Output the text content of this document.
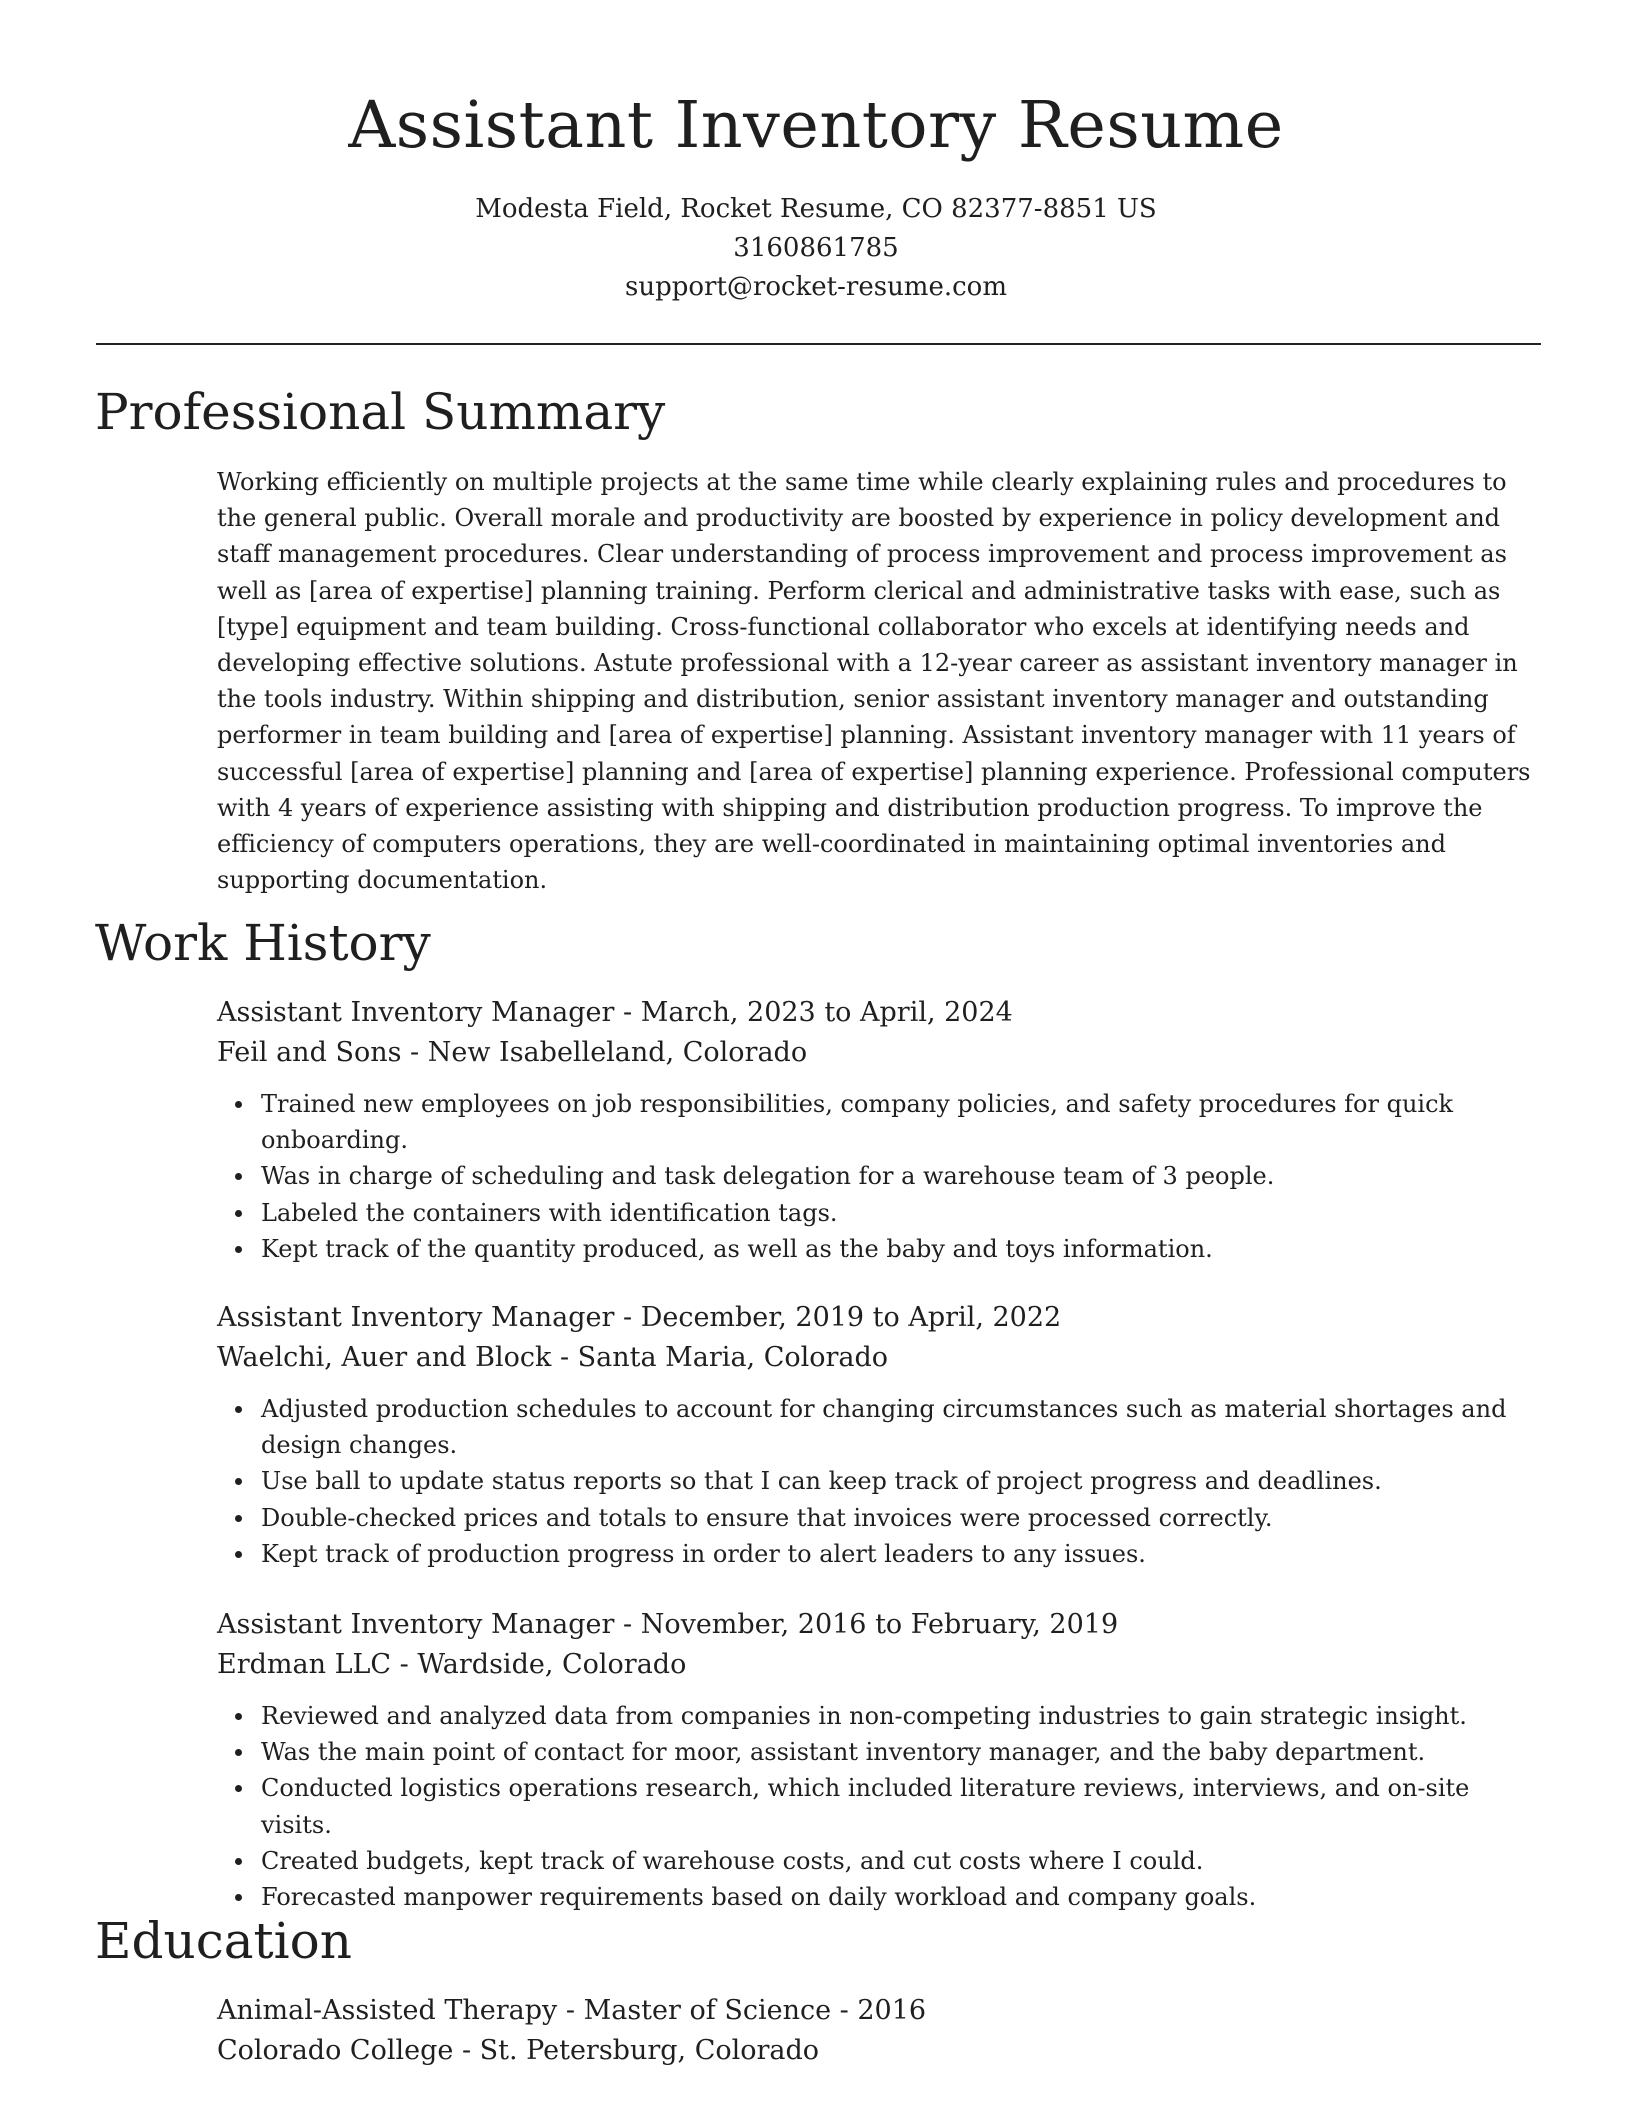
Assistant Inventory Resume
Modesta Field, Rocket Resume, CO 82377-8851 US
3160861785
support@rocket-resume.com
Professional Summary

Working efficiently on multiple projects at the same time while clearly explaining rules and procedures to the general public. Overall morale and productivity are boosted by experience in policy development and staff management procedures. Clear understanding of process improvement and process improvement as well as [area of expertise] planning training. Perform clerical and administrative tasks with ease, such as [type] equipment and team building. Cross-functional collaborator who excels at identifying needs and developing effective solutions. Astute professional with a 12-year career as assistant inventory manager in the tools industry. Within shipping and distribution, senior assistant inventory manager and outstanding performer in team building and [area of expertise] planning. Assistant inventory manager with 11 years of successful [area of expertise] planning and [area of expertise] planning experience. Professional computers with 4 years of experience assisting with shipping and distribution production progress. To improve the efficiency of computers operations, they are well-coordinated in maintaining optimal inventories and supporting documentation.

Work History
Assistant Inventory Manager - March, 2023 to April, 2024
Feil and Sons - New Isabelleland, Colorado
Trained new employees on job responsibilities, company policies, and safety procedures for quick onboarding.
Was in charge of scheduling and task delegation for a warehouse team of 3 people.
Labeled the containers with identification tags.
Kept track of the quantity produced, as well as the baby and toys information.
Assistant Inventory Manager - December, 2019 to April, 2022
Waelchi, Auer and Block - Santa Maria, Colorado
Adjusted production schedules to account for changing circumstances such as material shortages and design changes.
Use ball to update status reports so that I can keep track of project progress and deadlines.
Double-checked prices and totals to ensure that invoices were processed correctly.
Kept track of production progress in order to alert leaders to any issues.
Assistant Inventory Manager - November, 2016 to February, 2019
Erdman LLC - Wardside, Colorado
Reviewed and analyzed data from companies in non-competing industries to gain strategic insight.
Was the main point of contact for moor, assistant inventory manager, and the baby department.
Conducted logistics operations research, which included literature reviews, interviews, and on-site visits.
Created budgets, kept track of warehouse costs, and cut costs where I could.
Forecasted manpower requirements based on daily workload and company goals.
Education
Animal-Assisted Therapy - Master of Science - 2016
Colorado College - St. Petersburg, Colorado
